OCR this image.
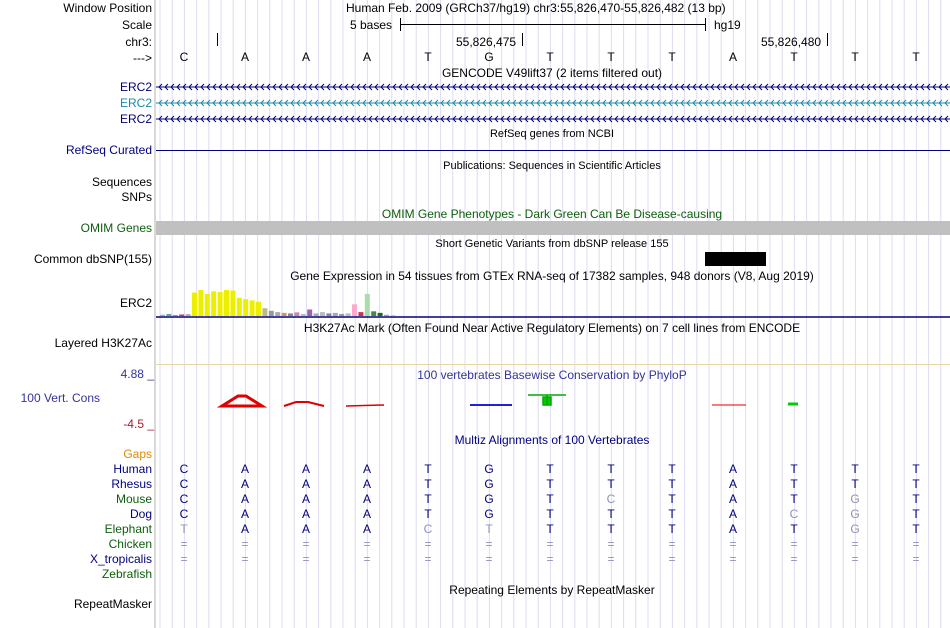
Window Position	Human Feb. 2009 (GRCh37/hg19) chr3:55,826,470-55,826,482 (13 bp)
Scale	5 bases	hg19
chr3:	55,826,475	55,826,480
---> C	A	A	A	T	G	T	T	T	A	T	T	T
GENCODE V49lift37 (2 items filtered out)
ERC2
ERC2
ERC2
RefSeq genes from NCBI
RefSeq Curated
Publications: Sequences in Scientific Articles
Sequences
SNPs
OMIM Gene Phenotypes - Dark Green Can Be Disease-causing
OMIM Genes
Short Genetic Variants from dbSNP release 155
Common dbSNP(155)
Gene Expression in 54 tissues from GTEx RNA-seq of 17382 samples, 948 donors (V8, Aug 2019)
ERC2
H3K27Ac Mark (Often Found Near Active Regulatory Elements) on 7 cell lines from ENCODE
Layered H3K27Ac
4.88 _	100 vertebrates Basewise Conservation by PhyloP
100 Vert. Cons
-4.5 _
Multiz Alignments of 100 Vertebrates
Gaps
Human C	A	A	A	T	G	T	T	T	A	T	T	T
Rhesus C	A	A	A	T	G	T	T	T	A	T	T	T
Mouse C	A	A	A	T	G	T	C	T	A	T	G	T
Dog C	A	A	A	T	G	T	T	T	A	C	G	T
Elephant T	A	A	A	C	T	T	T	T	A	T	G	T
Chicken =	=	=	=	=	=	=	=	=	=	=	=	=
X_tropicalis =	=	=	=	=	=	=	=	=	=	=	=	=
Zebrafish
Repeating Elements by RepeatMasker
RepeatMasker
